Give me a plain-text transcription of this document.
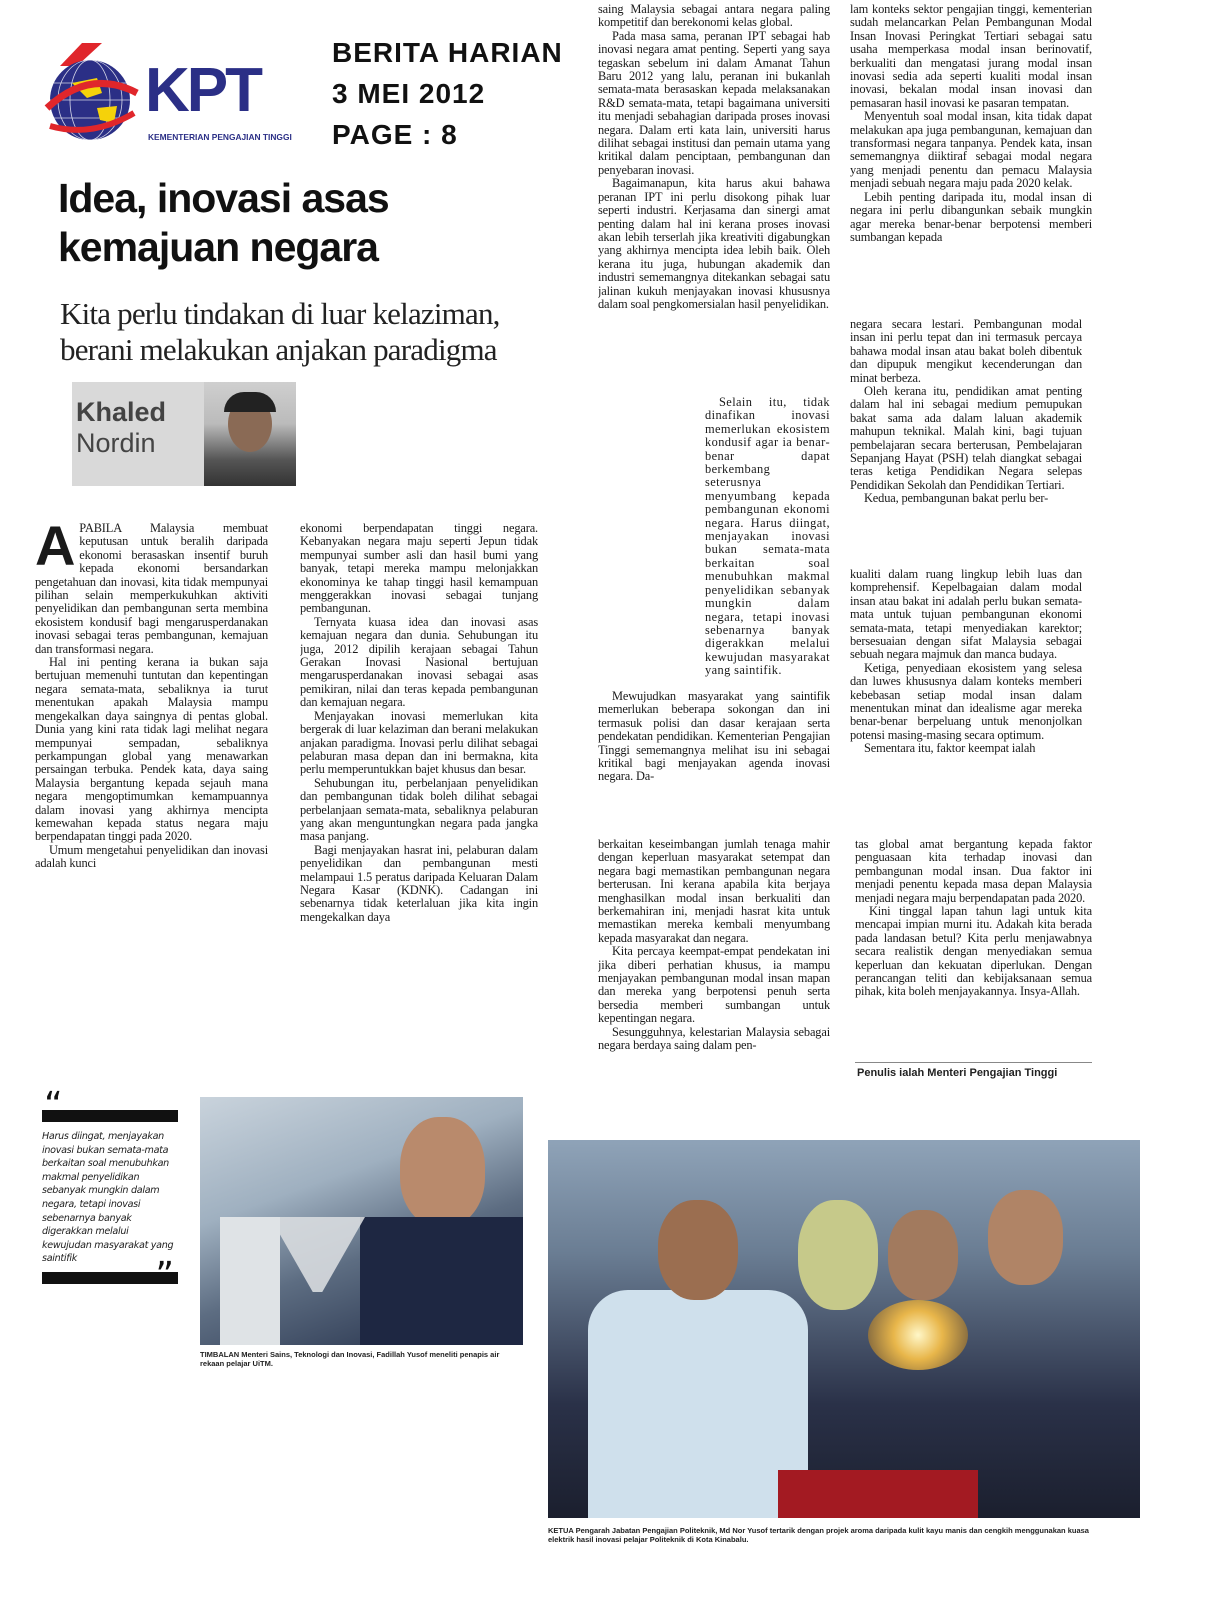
KPT
KEMENTERIAN PENGAJIAN TINGGI
BERITA HARIAN
3 MEI 2012
PAGE : 8
Idea, inovasi asas
kemajuan negara
Kita perlu tindakan di luar kelaziman,
berani melakukan anjakan paradigma
Khaled
Nordin

APABILA Malaysia membuat keputusan untuk beralih daripada ekonomi berasaskan insentif buruh kepada ekonomi bersandarkan pengetahuan dan inovasi, kita tidak mempunyai pilihan selain memperkukuhkan aktiviti penyelidikan dan pembangunan serta membina ekosistem kondusif bagi mengarusperdanakan inovasi sebagai teras pembangunan, kemajuan dan transformasi negara.

Hal ini penting kerana ia bukan saja bertujuan memenuhi tuntutan dan kepentingan negara semata-mata, sebaliknya ia turut menentukan apakah Malaysia mampu mengekalkan daya saingnya di pentas global. Dunia yang kini rata tidak lagi melihat negara mempunyai sempadan, sebaliknya perkampungan global yang menawarkan persaingan terbuka. Pendek kata, daya saing Malaysia bergantung kepada sejauh mana negara mengoptimumkan kemampuannya dalam inovasi yang akhirnya mencipta kemewahan kepada status negara maju berpendapatan tinggi pada 2020.

Umum mengetahui penyelidikan dan inovasi adalah kunci

ekonomi berpendapatan tinggi negara. Kebanyakan negara maju seperti Jepun tidak mempunyai sumber asli dan hasil bumi yang banyak, tetapi mereka mampu melonjakkan ekonominya ke tahap tinggi hasil kemampuan menggerakkan inovasi sebagai tunjang pembangunan.

Ternyata kuasa idea dan inovasi asas kemajuan negara dan dunia. Sehubungan itu juga, 2012 dipilih kerajaan sebagai Tahun Gerakan Inovasi Nasional bertujuan mengarusperdanakan inovasi sebagai asas pemikiran, nilai dan teras kepada pembangunan dan kemajuan negara.

Menjayakan inovasi memerlukan kita bergerak di luar kelaziman dan berani melakukan anjakan paradigma. Inovasi perlu dilihat sebagai pelaburan masa depan dan ini bermakna, kita perlu memperuntukkan bajet khusus dan besar.

Sehubungan itu, perbelanjaan penyelidikan dan pembangunan tidak boleh dilihat sebagai perbelanjaan semata-mata, sebaliknya pelaburan yang akan menguntungkan negara pada jangka masa panjang.

Bagi menjayakan hasrat ini, pelaburan dalam penyelidikan dan pembangunan mesti melampaui 1.5 peratus daripada Keluaran Dalam Negara Kasar (KDNK). Cadangan ini sebenarnya tidak keterlaluan jika kita ingin mengekalkan daya

saing Malaysia sebagai antara negara paling kompetitif dan berekonomi kelas global.

Pada masa sama, peranan IPT sebagai hab inovasi negara amat penting. Seperti yang saya tegaskan sebelum ini dalam Amanat Tahun Baru 2012 yang lalu, peranan ini bukanlah semata-mata berasaskan kepada melaksanakan R&D semata-mata, tetapi bagaimana universiti itu menjadi sebahagian daripada proses inovasi negara. Dalam erti kata lain, universiti harus dilihat sebagai institusi dan pemain utama yang kritikal dalam penciptaan, pembangunan dan penyebaran inovasi.

Bagaimanapun, kita harus akui bahawa peranan IPT ini perlu disokong pihak luar seperti industri. Kerjasama dan sinergi amat penting dalam hal ini kerana proses inovasi akan lebih terserlah jika kreativiti digabungkan yang akhirnya mencipta idea lebih baik. Oleh kerana itu juga, hubungan akademik dan industri sememangnya ditekankan sebagai satu jalinan kukuh menjayakan inovasi khususnya dalam soal pengkomersialan hasil penyelidikan.

Selain itu, tidak dinafikan inovasi memerlukan ekosistem kondusif agar ia benar-benar dapat berkembang seterusnya menyumbang kepada pembangunan ekonomi negara. Harus diingat, menjayakan inovasi bukan semata-mata berkaitan soal menubuhkan makmal penyelidikan sebanyak mungkin dalam negara, tetapi inovasi sebenarnya banyak digerakkan melalui kewujudan masyarakat yang saintifik.

Mewujudkan masyarakat yang saintifik memerlukan beberapa sokongan dan ini termasuk polisi dan dasar kerajaan serta pendekatan pendidikan. Kementerian Pengajian Tinggi sememangnya melihat isu ini sebagai kritikal bagi menjayakan agenda inovasi negara. Da-

lam konteks sektor pengajian tinggi, kementerian sudah melancarkan Pelan Pembangunan Modal Insan Inovasi Peringkat Tertiari sebagai satu usaha memperkasa modal insan berinovatif, berkualiti dan mengatasi jurang modal insan inovasi sedia ada seperti kualiti modal insan inovasi, bekalan modal insan inovasi dan pemasaran hasil inovasi ke pasaran tempatan.

Menyentuh soal modal insan, kita tidak dapat melakukan apa juga pembangunan, kemajuan dan transformasi negara tanpanya. Pendek kata, insan sememangnya diiktiraf sebagai modal negara yang menjadi penentu dan pemacu Malaysia menjadi sebuah negara maju pada 2020 kelak.

Lebih penting daripada itu, modal insan di negara ini perlu dibangunkan sebaik mungkin agar mereka benar-benar berpotensi memberi sumbangan kepada

negara secara lestari. Pembangunan modal insan ini perlu tepat dan ini termasuk percaya bahawa modal insan atau bakat boleh dibentuk dan dipupuk mengikut kecenderungan dan minat berbeza.

Oleh kerana itu, pendidikan amat penting dalam hal ini sebagai medium pemupukan bakat sama ada dalam laluan akademik mahupun teknikal. Malah kini, bagi tujuan pembelajaran secara berterusan, Pembelajaran Sepanjang Hayat (PSH) telah diangkat sebagai teras ketiga Pendidikan Negara selepas Pendidikan Sekolah dan Pendidikan Tertiari.

Kedua, pembangunan bakat perlu ber-

kualiti dalam ruang lingkup lebih luas dan komprehensif. Kepelbagaian dalam modal insan atau bakat ini adalah perlu bukan semata-mata untuk tujuan pembangunan ekonomi semata-mata, tetapi menyediakan karektor; bersesuaian dengan sifat Malaysia sebagai sebuah negara majmuk dan manca budaya.

Ketiga, penyediaan ekosistem yang selesa dan luwes khususnya dalam konteks memberi kebebasan setiap modal insan dalam menentukan minat dan idealisme agar mereka benar-benar berpeluang untuk menonjolkan potensi masing-masing secara optimum.

Sementara itu, faktor keempat ialah

berkaitan keseimbangan jumlah tenaga mahir dengan keperluan masyarakat setempat dan negara bagi memastikan pembangunan negara berterusan. Ini kerana apabila kita berjaya menghasilkan modal insan berkualiti dan berkemahiran ini, menjadi hasrat kita untuk memastikan mereka kembali menyumbang kepada masyarakat dan negara.

Kita percaya keempat-empat pendekatan ini jika diberi perhatian khusus, ia mampu menjayakan pembangunan modal insan mapan dan mereka yang berpotensi penuh serta bersedia memberi sumbangan untuk kepentingan negara.

Sesungguhnya, kelestarian Malaysia sebagai negara berdaya saing dalam pen-

tas global amat bergantung kepada faktor penguasaan kita terhadap inovasi dan pembangunan modal insan. Dua faktor ini menjadi penentu kepada masa depan Malaysia menjadi negara maju berpendapatan pada 2020.

Kini tinggal lapan tahun lagi untuk kita mencapai impian murni itu. Adakah kita berada pada landasan betul? Kita perlu menjawabnya secara realistik dengan menyediakan semua keperluan dan kekuatan diperlukan. Dengan perancangan teliti dan kebijaksanaan semua pihak, kita boleh menjayakannya. Insya-Allah.

Penulis ialah Menteri Pengajian Tinggi
“
Harus diingat, menjayakan inovasi bukan semata-mata berkaitan soal menubuhkan makmal penyelidikan sebanyak mungkin dalam negara, tetapi inovasi sebenarnya banyak digerakkan melalui kewujudan masyarakat yang saintifik	”
TIMBALAN Menteri Sains, Teknologi dan Inovasi, Fadillah Yusof meneliti penapis air rekaan pelajar UiTM.
KETUA Pengarah Jabatan Pengajian Politeknik, Md Nor Yusof tertarik dengan projek aroma daripada kulit kayu manis dan cengkih menggunakan kuasa elektrik hasil inovasi pelajar Politeknik di Kota Kinabalu.
